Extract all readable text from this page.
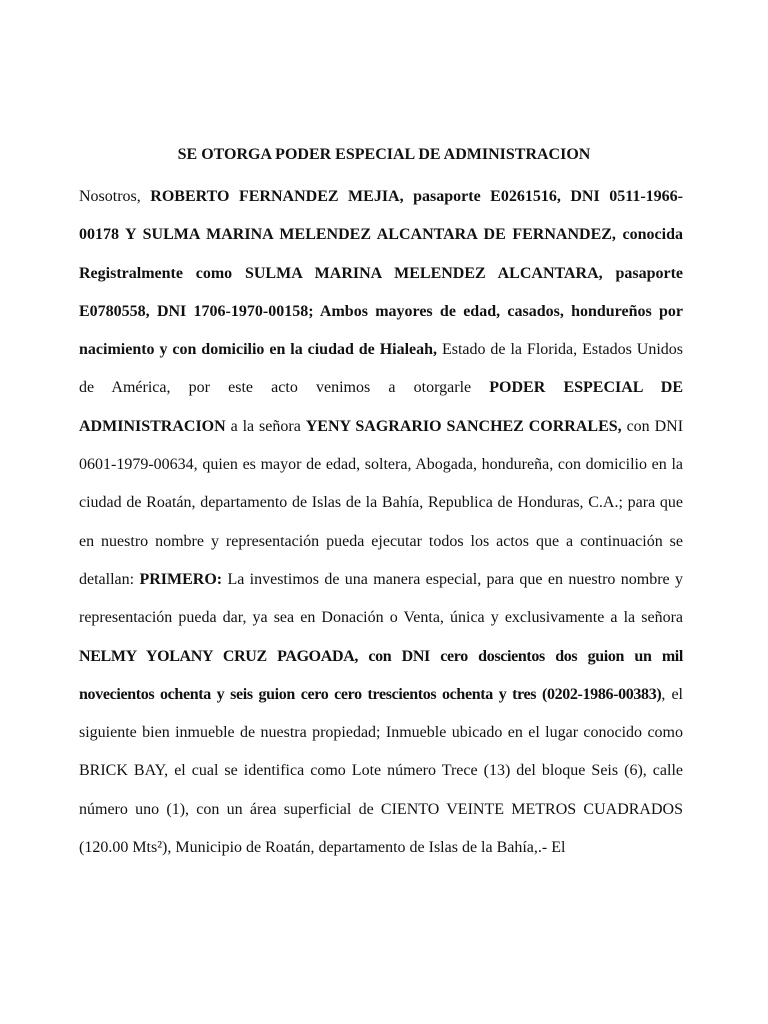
SE OTORGA PODER ESPECIAL DE ADMINISTRACION

Nosotros, ROBERTO FERNANDEZ MEJIA, pasaporte E0261516, DNI 0511-1966-00178 Y SULMA MARINA MELENDEZ ALCANTARA DE FERNANDEZ, conocida Registralmente como SULMA MARINA MELENDEZ ALCANTARA, pasaporte E0780558, DNI 1706-1970-00158; Ambos mayores de edad, casados, hondureños por nacimiento y con domicilio en la ciudad de Hialeah, Estado de la Florida, Estados Unidos de América, por este acto venimos a otorgarle PODER ESPECIAL DE ADMINISTRACION a la señora YENY SAGRARIO SANCHEZ CORRALES, con DNI 0601-1979-00634, quien es mayor de edad, soltera, Abogada, hondureña, con domicilio en la ciudad de Roatán, departamento de Islas de la Bahía, Republica de Honduras, C.A.; para que en nuestro nombre y representación pueda ejecutar todos los actos que a continuación se detallan: PRIMERO: La investimos de una manera especial, para que en nuestro nombre y representación pueda dar, ya sea en Donación o Venta, única y exclusivamente a la señora NELMY YOLANY CRUZ PAGOADA, con DNI cero doscientos dos guion un mil novecientos ochenta y seis guion cero cero trescientos ochenta y tres (0202-1986-00383), el siguiente bien inmueble de nuestra propiedad; Inmueble ubicado en el lugar conocido como BRICK BAY, el cual se identifica como Lote número Trece (13) del bloque Seis (6), calle número uno (1), con un área superficial de CIENTO VEINTE METROS CUADRADOS (120.00 Mts²), Municipio de Roatán, departamento de Islas de la Bahía,.- El
